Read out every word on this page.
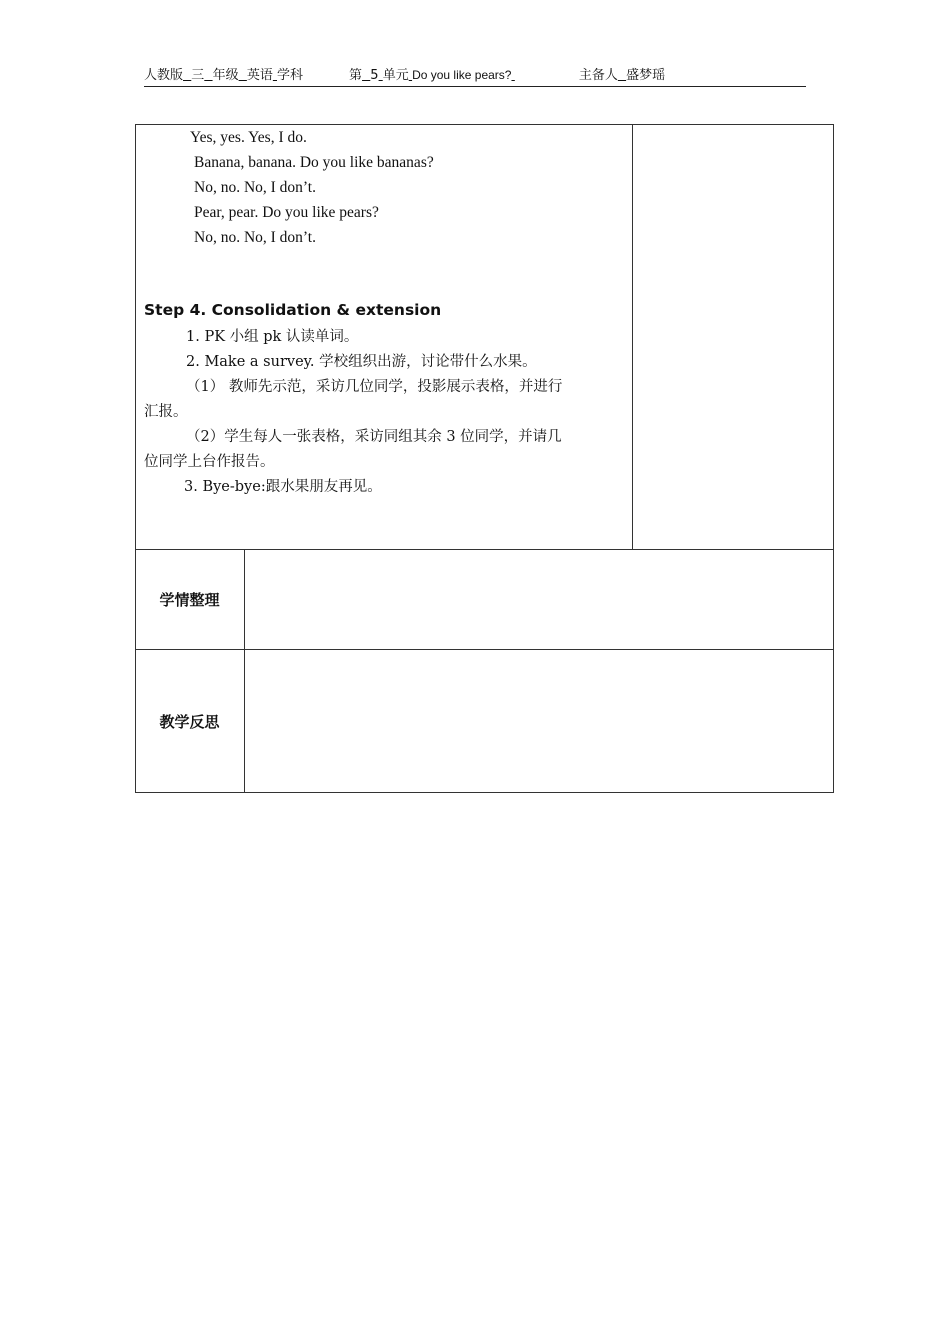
人教版 三 年级 英语 学科	第 5 单元 Do you like pears?	主备人 盛梦瑶
Yes, yes. Yes, I do.
Banana, banana. Do you like bananas?
No, no. No, I don’t.
Pear, pear. Do you like pears?
No, no. No, I don’t.
Step 4. Consolidation & extension
1. PK 小组 pk 认读单词。
2. Make a survey. 学校组织出游，讨论带什么水果。
（1） 教师先示范，采访几位同学，投影展示表格，并进行
汇报。
（2）学生每人一张表格，采访同组其余 3 位同学，并请几
位同学上台作报告。
3. Bye-bye:跟水果朋友再见。
学情整理
教学反思
